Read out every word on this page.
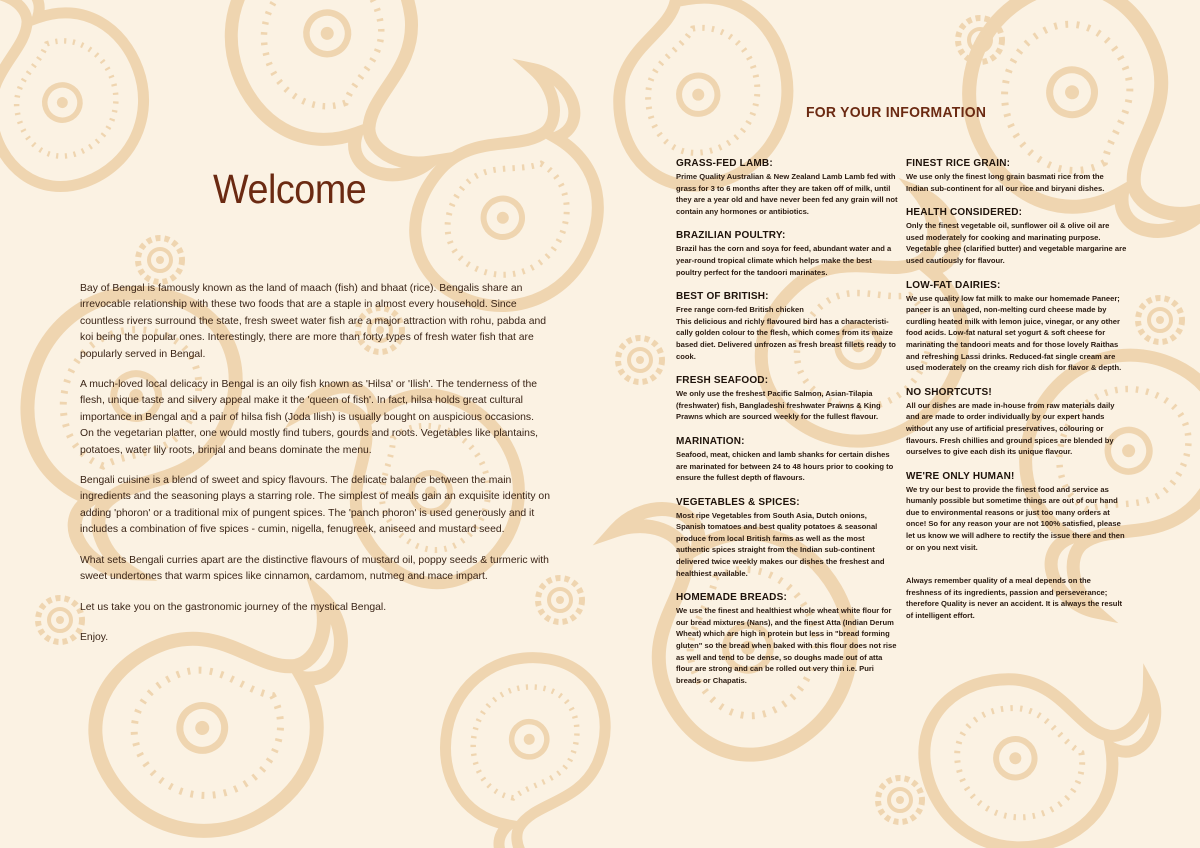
Welcome

Bay of Bengal is famously known as the land of maach (fish) and bhaat (rice). Bengalis share an irrevocable relationship with these two foods that are a staple in almost every household. Since countless rivers surround the state, fresh sweet water fish are a major attraction with rohu, pabda and koi being the popular ones. Interestingly, there are more than forty types of fresh water fish that are popularly served in Bengal.

A much-loved local delicacy in Bengal is an oily fish known as 'Hilsa' or 'Ilish'. The tenderness of the flesh, unique taste and silvery appeal make it the 'queen of fish'. In fact, hilsa holds great cultural importance in Bengal and a pair of hilsa fish (Joda Ilish) is usually bought on auspicious occasions. On the vegetarian platter, one would mostly find tubers, gourds and roots. Vegetables like plantains, potatoes, water lily roots, brinjal and beans dominate the menu.

Bengali cuisine is a blend of sweet and spicy flavours. The delicate balance between the main ingredients and the seasoning plays a starring role. The simplest of meals gain an exquisite identity on adding 'phoron' or a traditional mix of pungent spices. The 'panch phoron' is used generously and it includes a combination of five spices - cumin, nigella, fenugreek, aniseed and mustard seed.

What sets Bengali curries apart are the distinctive flavours of mustard oil, poppy seeds & turmeric with sweet undertones that warm spices like cinnamon, cardamom, nutmeg and mace impart.

Let us take you on the gastronomic journey of the mystical Bengal.

Enjoy.

FOR YOUR INFORMATION
GRASS-FED LAMB:

Prime Quality Australian & New Zealand Lamb Lamb fed with grass for 3 to 6 months after they are taken off of milk, until they are a year old and have never been fed any grain will not contain any hormones or antibiotics.

BRAZILIAN POULTRY:

Brazil has the corn and soya for feed, abundant water and a year-round tropical climate which helps make the best poultry perfect for the tandoori marinates.

BEST OF BRITISH:

Free range corn-fed British chicken
This delicious and richly flavoured bird has a characteristi-cally golden colour to the flesh, which comes from its maize based diet. Delivered unfrozen as fresh breast fillets ready to cook.

FRESH SEAFOOD:

We only use the freshest Pacific Salmon, Asian-Tilapia (freshwater) fish, Bangladeshi freshwater Prawns & King Prawns which are sourced weekly for the fullest flavour.

MARINATION:

Seafood, meat, chicken and lamb shanks for certain dishes are marinated for between 24 to 48 hours prior to cooking to ensure the fullest depth of flavours.

VEGETABLES & SPICES:

Most ripe Vegetables from South Asia, Dutch onions, Spanish tomatoes and best quality potatoes & seasonal produce from local British farms as well as the most authentic spices straight from the Indian sub-continent delivered twice weekly makes our dishes the freshest and healthiest available.

HOMEMADE BREADS:

We use the finest and healthiest whole wheat white flour for our bread mixtures (Nans), and the finest Atta (Indian Derum Wheat) which are high in protein but less in "bread forming gluten" so the bread when baked with this flour does not rise as well and tend to be dense, so doughs made out of atta flour are strong and can be rolled out very thin i.e. Puri breads or Chapatis.

FINEST RICE GRAIN:

We use only the finest long grain basmati rice from the Indian sub-continent for all our rice and biryani dishes.

HEALTH CONSIDERED:

Only the finest vegetable oil, sunflower oil & olive oil are used moderately for cooking and marinating purpose. Vegetable ghee (clarified butter) and vegetable margarine are used cautiously for flavour.

LOW-FAT DAIRIES:

We use quality low fat milk to make our homemade Paneer; paneer is an unaged, non-melting curd cheese made by curdling heated milk with lemon juice, vinegar, or any other food acids. Low-fat natural set yogurt & soft cheese for marinating the tandoori meats and for those lovely Raithas and refreshing Lassi drinks. Reduced-fat single cream are used moderately on the creamy rich dish for flavor & depth.

NO SHORTCUTS!

All our dishes are made in-house from raw materials daily and are made to order individually by our expert hands without any use of artificial preservatives, colouring or flavours. Fresh chillies and ground spices are blended by ourselves to give each dish its unique flavour.

WE'RE ONLY HUMAN!

We try our best to provide the finest food and service as humanly possible but sometime things are out of our hand due to environmental reasons or just too many orders at once! So for any reason your are not 100% satisfied, please let us know we will adhere to rectify the issue there and then or on you next visit.

Always remember quality of a meal depends on the freshness of its ingredients, passion and perseverance; therefore Quality is never an accident. It is always the result of intelligent effort.
